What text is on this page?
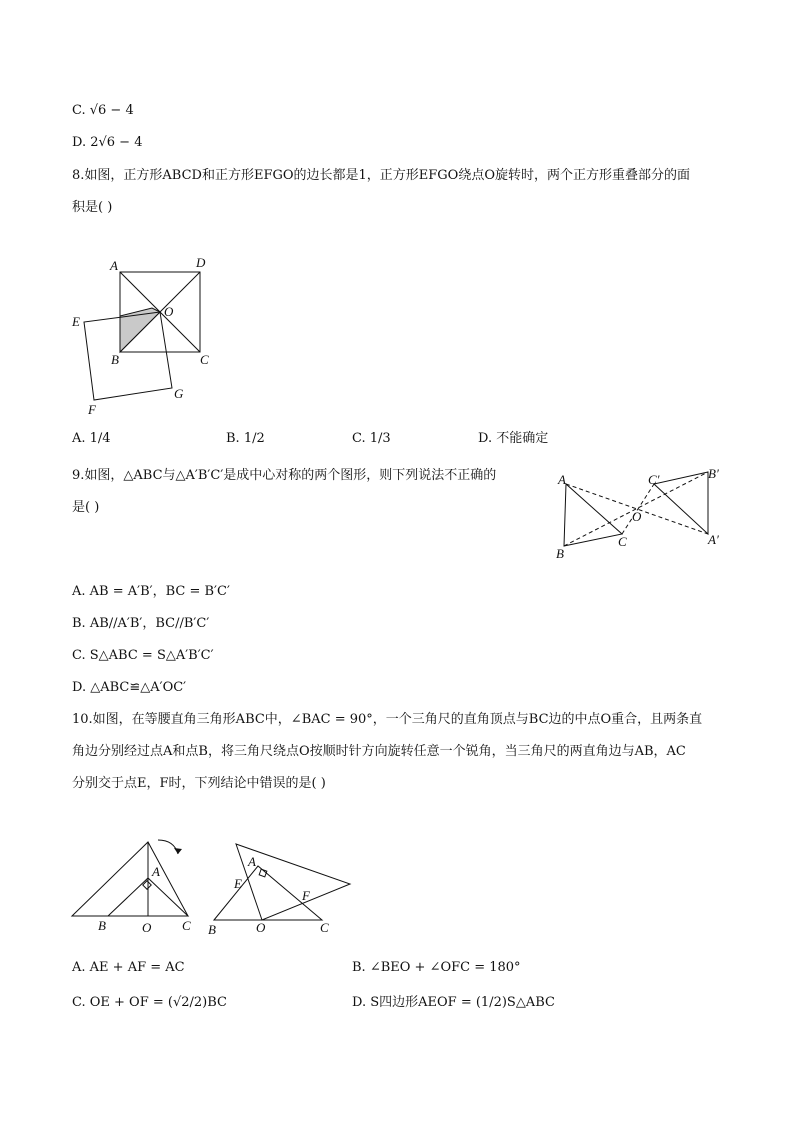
C. √6 − 4
D. 2√6 − 4
8.如图，正方形ABCD和正方形EFGO的边长都是1，正方形EFGO绕点O旋转时，两个正方形重叠部分的面
积是( )
A	D
O
B	C
E
F
G
A. 1/4	B. 1/2	C. 1/3	D. 不能确定
9.如图，△ABC与△A′B′C′是成中心对称的两个图形，则下列说法不正确的
是( )
A
B
C
O
C′	B′
A′
A. AB = A′B′，BC = B′C′
B. AB//A′B′，BC//B′C′
C. S△ABC = S△A′B′C′
D. △ABC≌△A′OC′
10.如图，在等腰直角三角形ABC中，∠BAC = 90°，一个三角尺的直角顶点与BC边的中点O重合，且两条直
角边分别经过点A和点B，将三角尺绕点O按顺时针方向旋转任意一个锐角，当三角尺的两直角边与AB，AC
分别交于点E，F时，下列结论中错误的是( )
A
B	O C
A
E
F
B	O	C
A. AE + AF = AC	B. ∠BEO + ∠OFC = 180°
C. OE + OF = (√2/2)BC	D. S四边形AEOF = (1/2)S△ABC
